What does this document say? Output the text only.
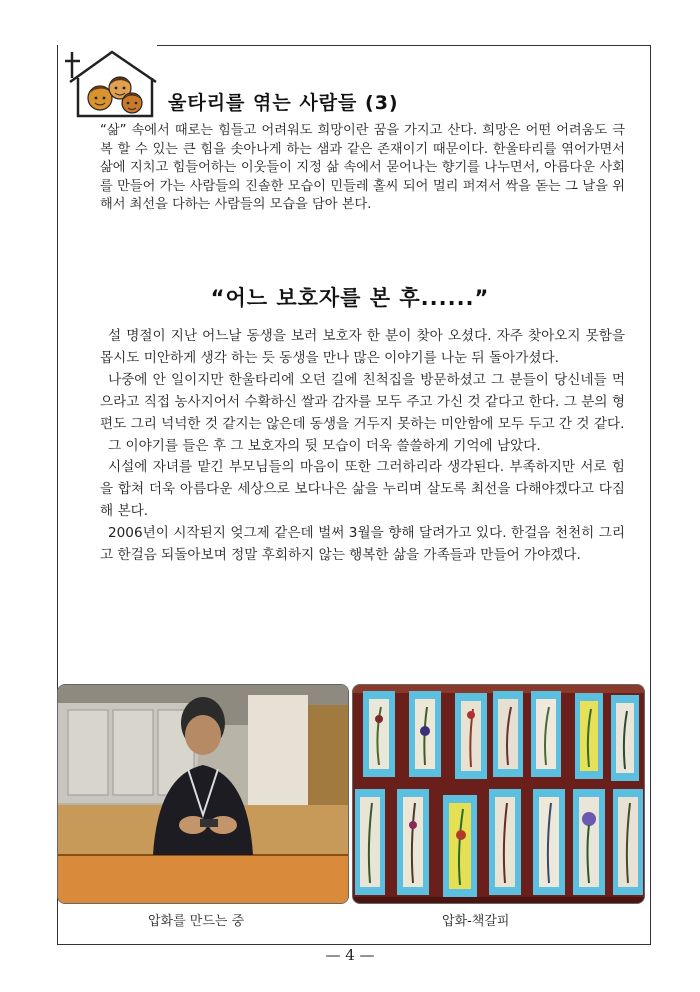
울타리를 엮는 사람들 (3)
“삶” 속에서 때로는 힘들고 어려워도 희망이란 꿈을 가지고 산다. 희망은 어떤 어려움도 극복 할 수 있는 큰 힘을 솟아나게 하는 샘과 같은 존재이기 때문이다. 한울타리를 엮어가면서 삶에 지치고 힘들어하는 이웃들이 지정 삶 속에서 묻어나는 향기를 나누면서, 아름다운 사회를 만들어 가는 사람들의 진솔한 모습이 민들레 홀씨 되어 멀리 퍼져서 싹을 돋는 그 날을 위해서 최선을 다하는 사람들의 모습을 담아 본다.
“어느 보호자를 본 후......”

설 명절이 지난 어느날 동생을 보러 보호자 한 분이 찾아 오셨다. 자주 찾아오지 못함을 몹시도 미안하게 생각 하는 듯 동생을 만나 많은 이야기를 나눈 뒤 돌아가셨다.

나중에 안 일이지만 한울타리에 오던 길에 친척집을 방문하셨고 그 분들이 당신네들 먹으라고 직접 농사지어서 수확하신 쌀과 감자를 모두 주고 가신 것 같다고 한다. 그 분의 형편도 그리 넉넉한 것 같지는 않은데 동생을 거두지 못하는 미안함에 모두 두고 간 것 같다.

그 이야기를 들은 후 그 보호자의 뒷 모습이 더욱 쓸쓸하게 기억에 남았다.

시설에 자녀를 맡긴 부모님들의 마음이 또한 그러하리라 생각된다. 부족하지만 서로 힘을 합쳐 더욱 아름다운 세상으로 보다나은 삶을 누리며 살도록 최선을 다해야겠다고 다짐해 본다.

2006년이 시작된지 엊그제 같은데 벌써 3월을 향해 달려가고 있다. 한걸음 천천히 그리고 한걸음 되돌아보며 정말 후회하지 않는 행복한 삶을 가족들과 만들어 가야겠다.

압화를 만드는 중	압화-책갈피
— 4 —
